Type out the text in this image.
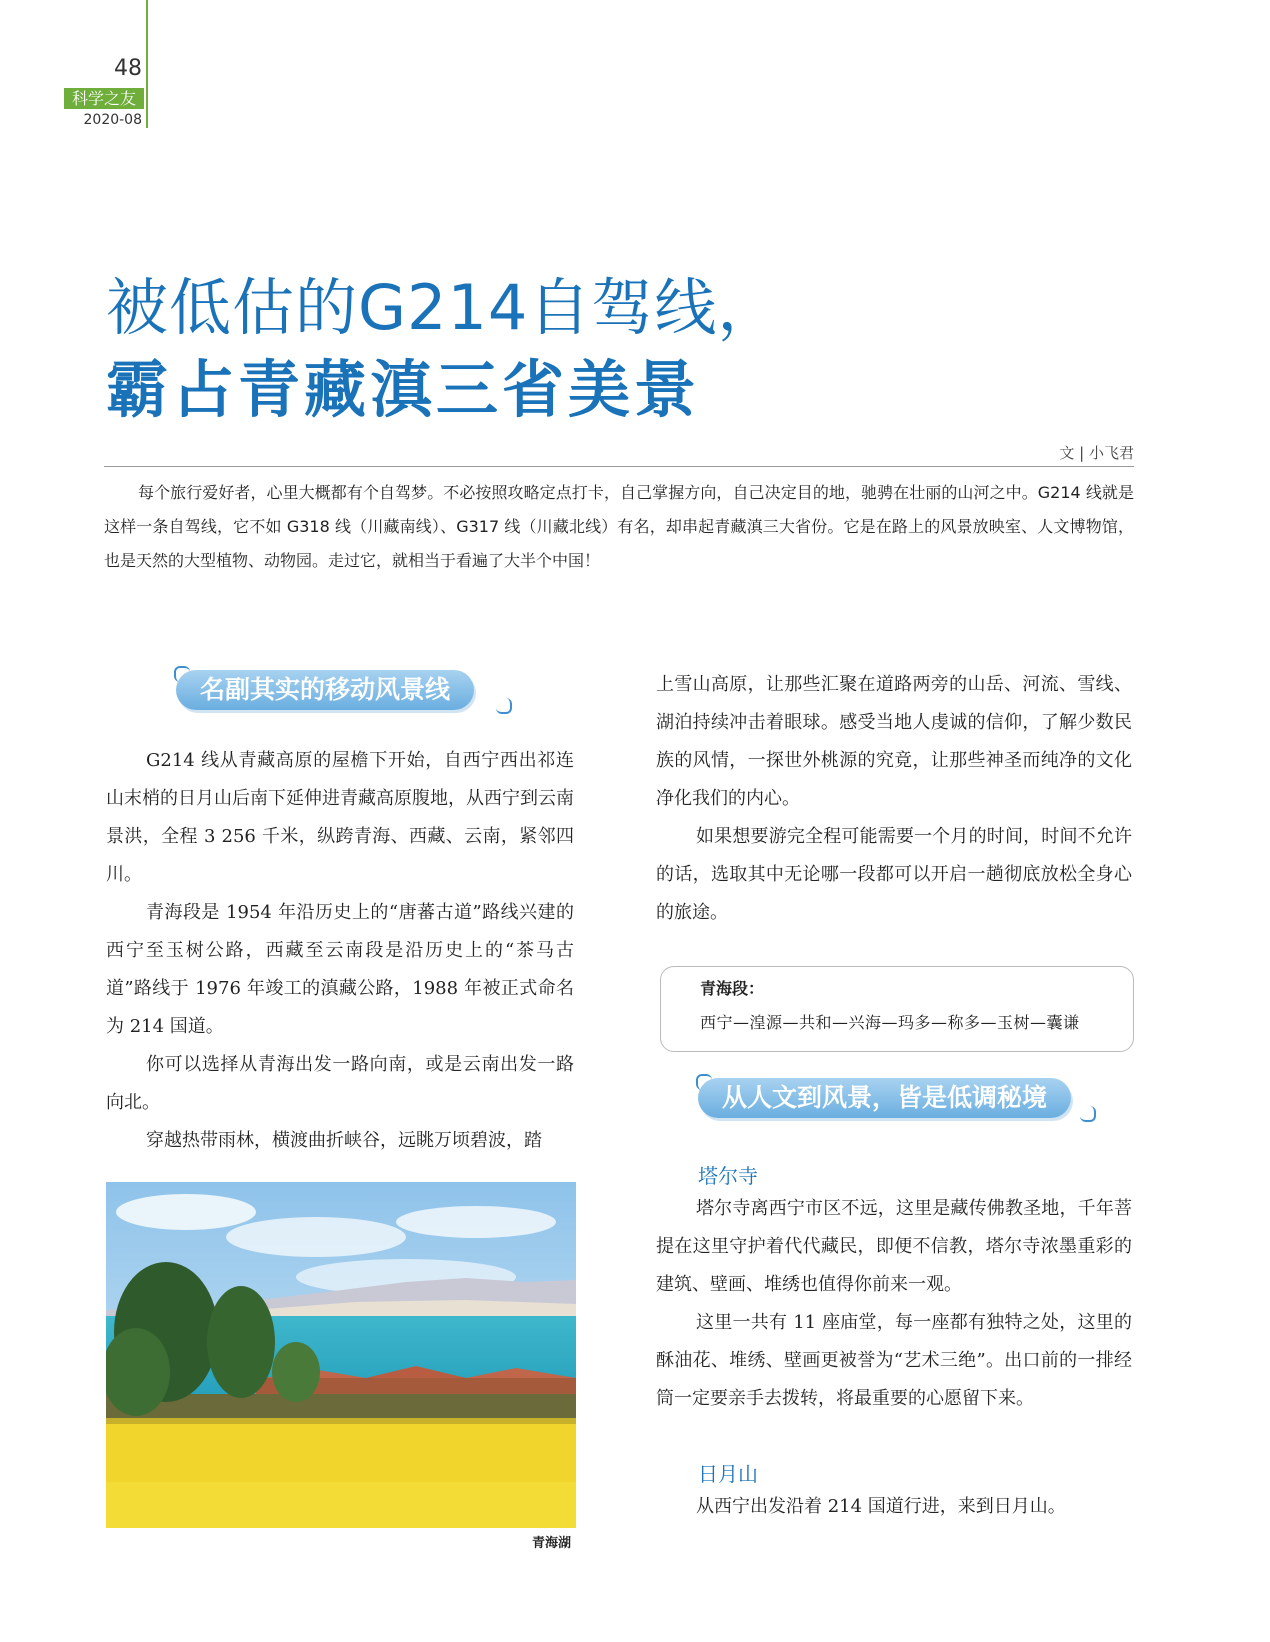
48
科学之友
2020-08
被低估的G214自驾线，
霸占青藏滇三省美景
文 | 小飞君

每个旅行爱好者，心里大概都有个自驾梦。不必按照攻略定点打卡，自己掌握方向，自己决定目的地，驰骋在壮丽的山河之中。G214 线就是这样一条自驾线，它不如 G318 线（川藏南线）、G317 线（川藏北线）有名，却串起青藏滇三大省份。它是在路上的风景放映室、人文博物馆，也是天然的大型植物、动物园。走过它，就相当于看遍了大半个中国！

名副其实的移动风景线

G214 线从青藏高原的屋檐下开始，自西宁西出祁连山末梢的日月山后南下延伸进青藏高原腹地，从西宁到云南景洪，全程 3 256 千米，纵跨青海、西藏、云南，紧邻四川。

青海段是 1954 年沿历史上的“唐蕃古道”路线兴建的西宁至玉树公路，西藏至云南段是沿历史上的“茶马古道”路线于 1976 年竣工的滇藏公路，1988 年被正式命名为 214 国道。

你可以选择从青海出发一路向南，或是云南出发一路向北。

穿越热带雨林，横渡曲折峡谷，远眺万顷碧波，踏

青海湖

上雪山高原，让那些汇聚在道路两旁的山岳、河流、雪线、湖泊持续冲击着眼球。感受当地人虔诚的信仰，了解少数民族的风情，一探世外桃源的究竟，让那些神圣而纯净的文化净化我们的内心。

如果想要游完全程可能需要一个月的时间，时间不允许的话，选取其中无论哪一段都可以开启一趟彻底放松全身心的旅途。

青海段：
西宁—湟源—共和—兴海—玛多—称多—玉树—囊谦
从人文到风景，皆是低调秘境
塔尔寺

塔尔寺离西宁市区不远，这里是藏传佛教圣地，千年菩提在这里守护着代代藏民，即便不信教，塔尔寺浓墨重彩的建筑、壁画、堆绣也值得你前来一观。

这里一共有 11 座庙堂，每一座都有独特之处，这里的酥油花、堆绣、壁画更被誉为“艺术三绝”。出口前的一排经筒一定要亲手去拨转，将最重要的心愿留下来。

日月山

从西宁出发沿着 214 国道行进，来到日月山。
